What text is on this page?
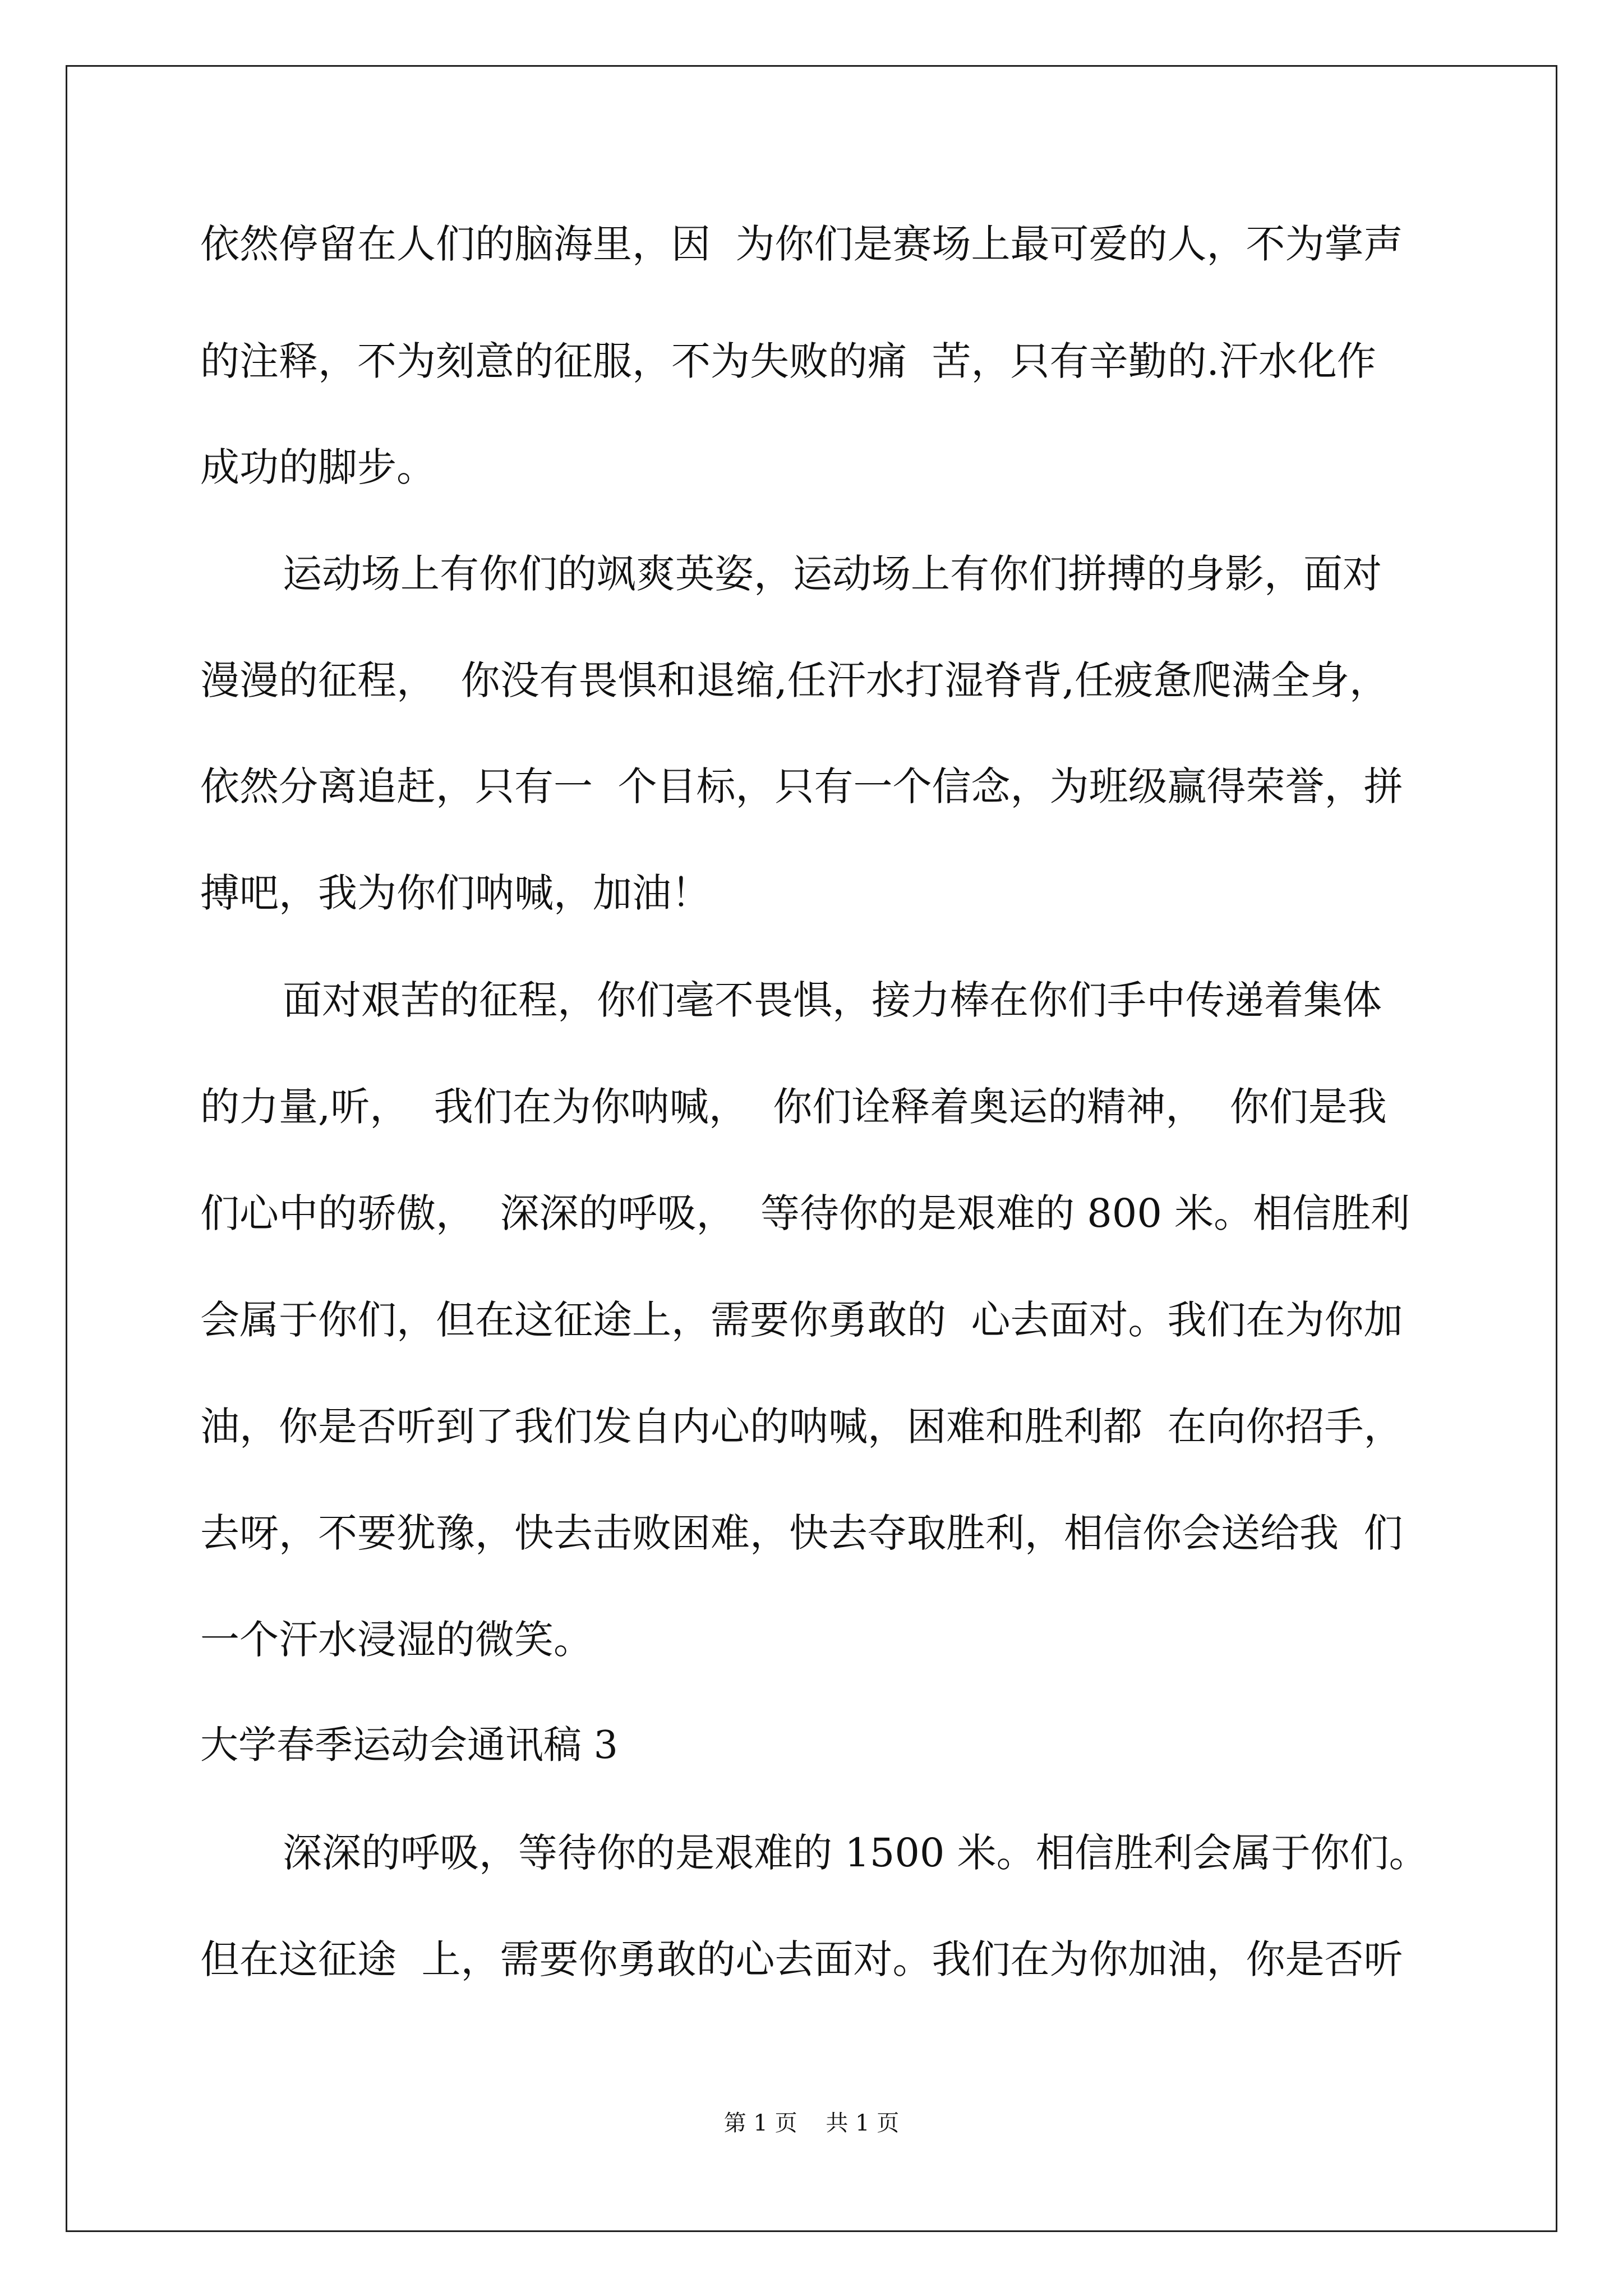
依然停留在人们的脑海里，因  为你们是赛场上最可爱的人，不为掌声

的注释，不为刻意的征服，不为失败的痛  苦，只有辛勤的.汗水化作

成功的脚步。

运动场上有你们的飒爽英姿，运动场上有你们拼搏的身影，面对

漫漫的征程，  你没有畏惧和退缩,任汗水打湿脊背,任疲惫爬满全身，

依然分离追赶，只有一  个目标，只有一个信念，为班级赢得荣誉，拼

搏吧，我为你们呐喊，加油！

面对艰苦的征程，你们毫不畏惧，接力棒在你们手中传递着集体

的力量,听，  我们在为你呐喊，  你们诠释着奥运的精神，  你们是我

们心中的骄傲，  深深的呼吸，  等待你的是艰难的 800 米。相信胜利

会属于你们，但在这征途上，需要你勇敢的  心去面对。我们在为你加

油，你是否听到了我们发自内心的呐喊，困难和胜利都  在向你招手，

去呀，不要犹豫，快去击败困难，快去夺取胜利，相信你会送给我  们

一个汗水浸湿的微笑。

大学春季运动会通讯稿 3

深深的呼吸，等待你的是艰难的 1500 米。相信胜利会属于你们。

但在这征途  上，需要你勇敢的心去面对。我们在为你加油，你是否听

第 1 页    共 1 页
